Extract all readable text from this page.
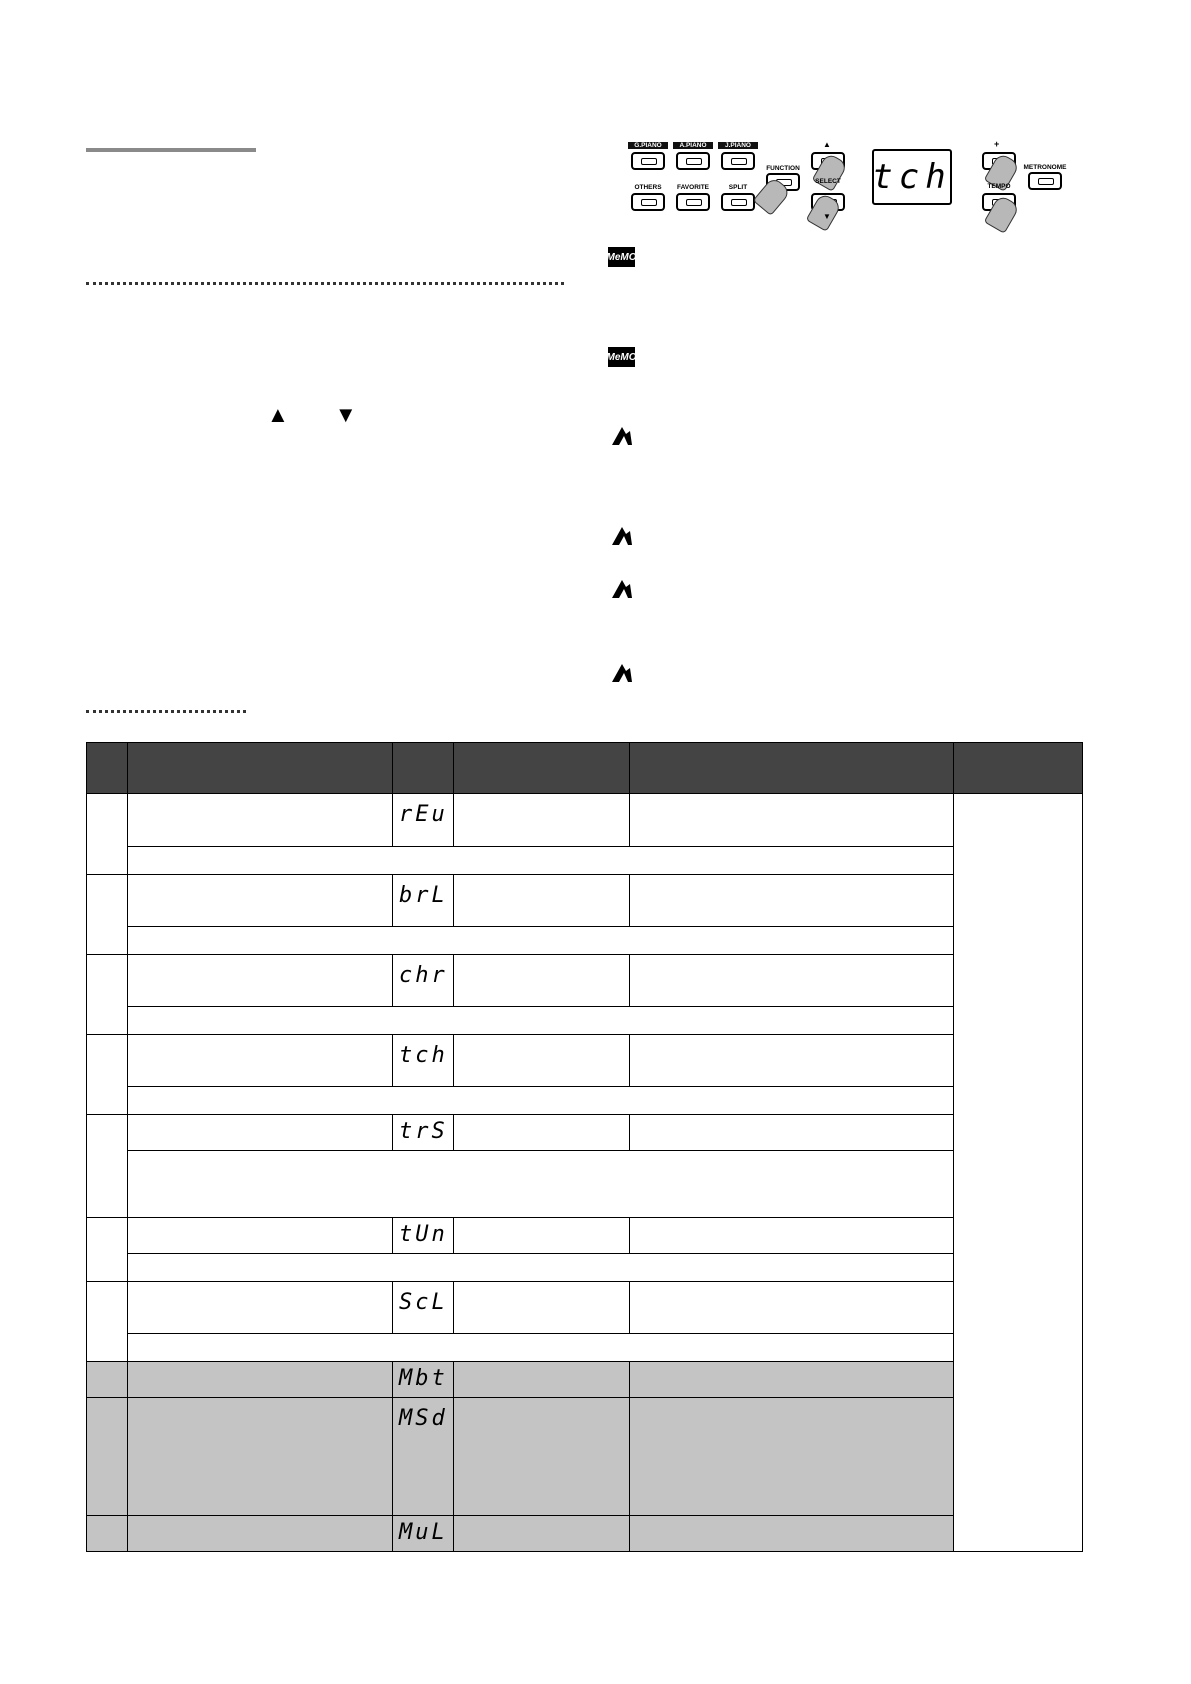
▲ ▼
G.PIANO	A.PIANO	J.PIANO
OTHERS	FAVORITE	SPLIT
FUNCTION
▲
SELECT
▼
tch
+
TEMPO
METRONOME
MeMO
MeMO

		rEu				

		brL				

		chr				

		tch				

		trS				

		tUn				

		ScL				

		Mbt				

		MSd				

		MuL				
